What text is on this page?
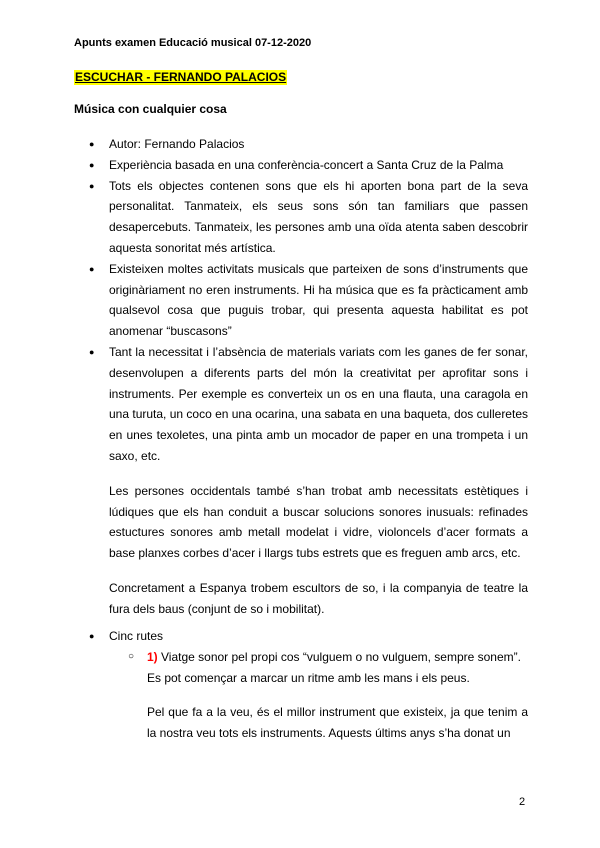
Apunts examen Educació musical 07-12-2020
ESCUCHAR - FERNANDO PALACIOS
Música con cualquier cosa
● Autor: Fernando Palacios
● Experiència basada en una conferència-concert a Santa Cruz de la Palma
● Tots els objectes contenen sons que els hi aporten bona part de la seva personalitat. Tanmateix, els seus sons són tan familiars que passen desapercebuts. Tanmateix, les persones amb una oïda atenta saben descobrir aquesta sonoritat més artística.
● Existeixen moltes activitats musicals que parteixen de sons d’instruments que originàriament no eren instruments. Hi ha música que es fa pràcticament amb qualsevol cosa que puguis trobar, qui presenta aquesta habilitat es pot anomenar “buscasons”
● Tant la necessitat i l’absència de materials variats com les ganes de fer sonar, desenvolupen a diferents parts del món la creativitat per aprofitar sons i instruments. Per exemple es converteix un os en una flauta, una caragola en una turuta, un coco en una ocarina, una sabata en una baqueta, dos culleretes en unes texoletes, una pinta amb un mocador de paper en una trompeta i un saxo, etc.
Les persones occidentals també s’han trobat amb necessitats estètiques i lúdiques que els han conduit a buscar solucions sonores inusuals: refinades estuctures sonores amb metall modelat i vidre, violoncels d’acer formats a base planxes corbes d’acer i llargs tubs estrets que es freguen amb arcs, etc.
Concretament a Espanya trobem escultors de so, i la companyia de teatre la fura dels baus (conjunt de so i mobilitat).
● Cinc rutes
○ 1) Viatge sonor pel propi cos “vulguem o no vulguem, sempre sonem”. Es pot començar a marcar un ritme amb les mans i els peus.
Pel que fa a la veu, és el millor instrument que existeix, ja que tenim a la nostra veu tots els instruments. Aquests últims anys s’ha donat un
2
